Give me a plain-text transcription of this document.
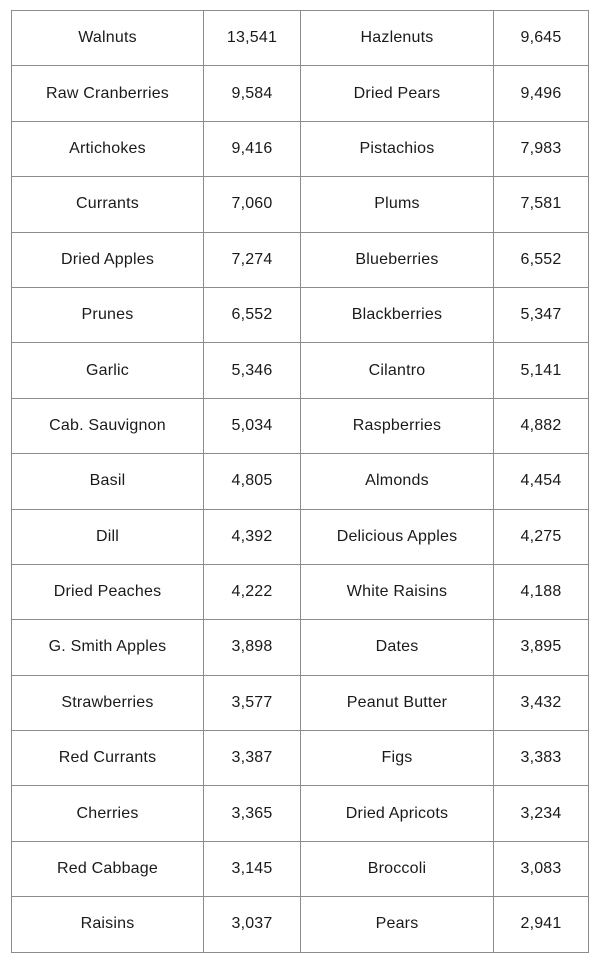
Walnuts	13,541	Hazlenuts	9,645
Raw Cranberries	9,584	Dried Pears	9,496
Artichokes	9,416	Pistachios	7,983
Currants	7,060	Plums	7,581
Dried Apples	7,274	Blueberries	6,552
Prunes	6,552	Blackberries	5,347
Garlic	5,346	Cilantro	5,141
Cab. Sauvignon	5,034	Raspberries	4,882
Basil	4,805	Almonds	4,454
Dill	4,392	Delicious Apples	4,275
Dried Peaches	4,222	White Raisins	4,188
G. Smith Apples	3,898	Dates	3,895
Strawberries	3,577	Peanut Butter	3,432
Red Currants	3,387	Figs	3,383
Cherries	3,365	Dried Apricots	3,234
Red Cabbage	3,145	Broccoli	3,083
Raisins	3,037	Pears	2,941
